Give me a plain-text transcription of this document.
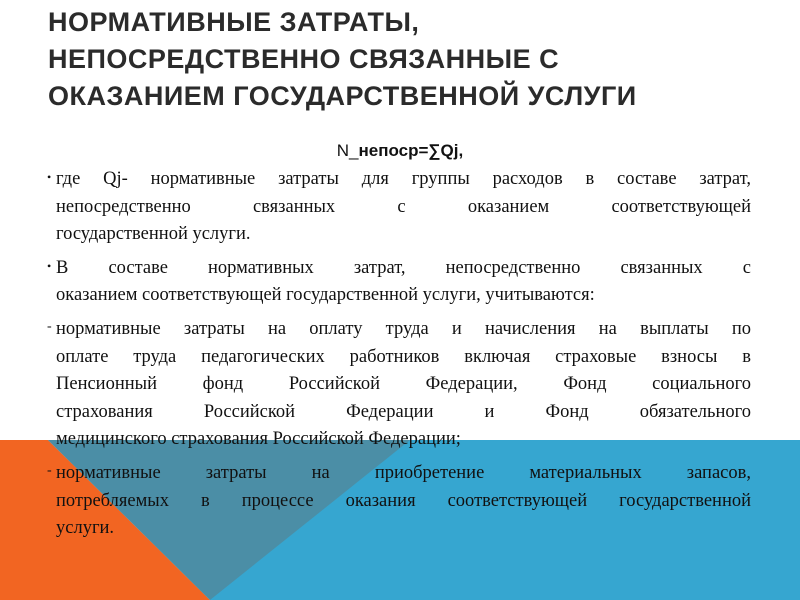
НОРМАТИВНЫЕ ЗАТРАТЫ,
НЕПОСРЕДСТВЕННО СВЯЗАННЫЕ С
ОКАЗАНИЕМ ГОСУДАРСТВЕННОЙ УСЛУГИ
N_непоср=∑Qj,
• где Qj- нормативные затраты для группы расходов в составе затрат,
непосредственно связанных с оказанием соответствующей
государственной услуги.
• В составе нормативных затрат, непосредственно связанных с
оказанием соответствующей государственной услуги, учитываются:
- нормативные затраты на оплату труда и начисления на выплаты по
оплате труда педагогических работников включая страховые взносы в
Пенсионный фонд Российской Федерации, Фонд социального
страхования Российской Федерации и Фонд обязательного
медицинского страхования Российской Федерации;
- нормативные затраты на приобретение материальных запасов,
потребляемых в процессе оказания соответствующей государственной
услуги.
